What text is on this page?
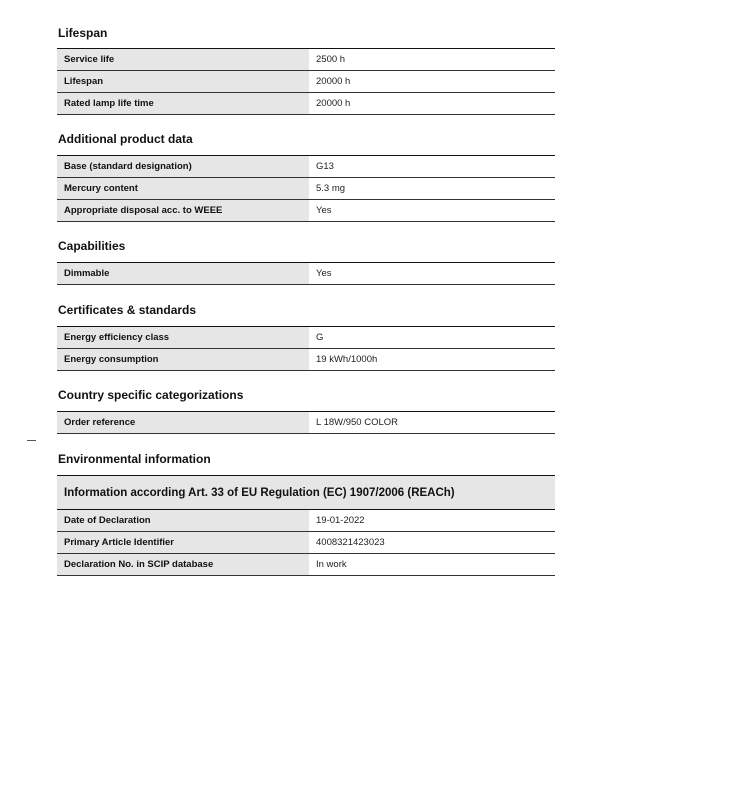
Lifespan
Service life	2500 h
Lifespan	20000 h
Rated lamp life time	20000 h
Additional product data
Base (standard designation)	G13
Mercury content	5.3 mg
Appropriate disposal acc. to WEEE	Yes
Capabilities
Dimmable	Yes
Certificates & standards
Energy efficiency class	G
Energy consumption	19 kWh/1000h
Country specific categorizations
Order reference	L 18W/950 COLOR
Environmental information
Information according Art. 33 of EU Regulation (EC) 1907/2006 (REACh)
Date of Declaration	19-01-2022
Primary Article Identifier	4008321423023
Declaration No. in SCIP database	In work
